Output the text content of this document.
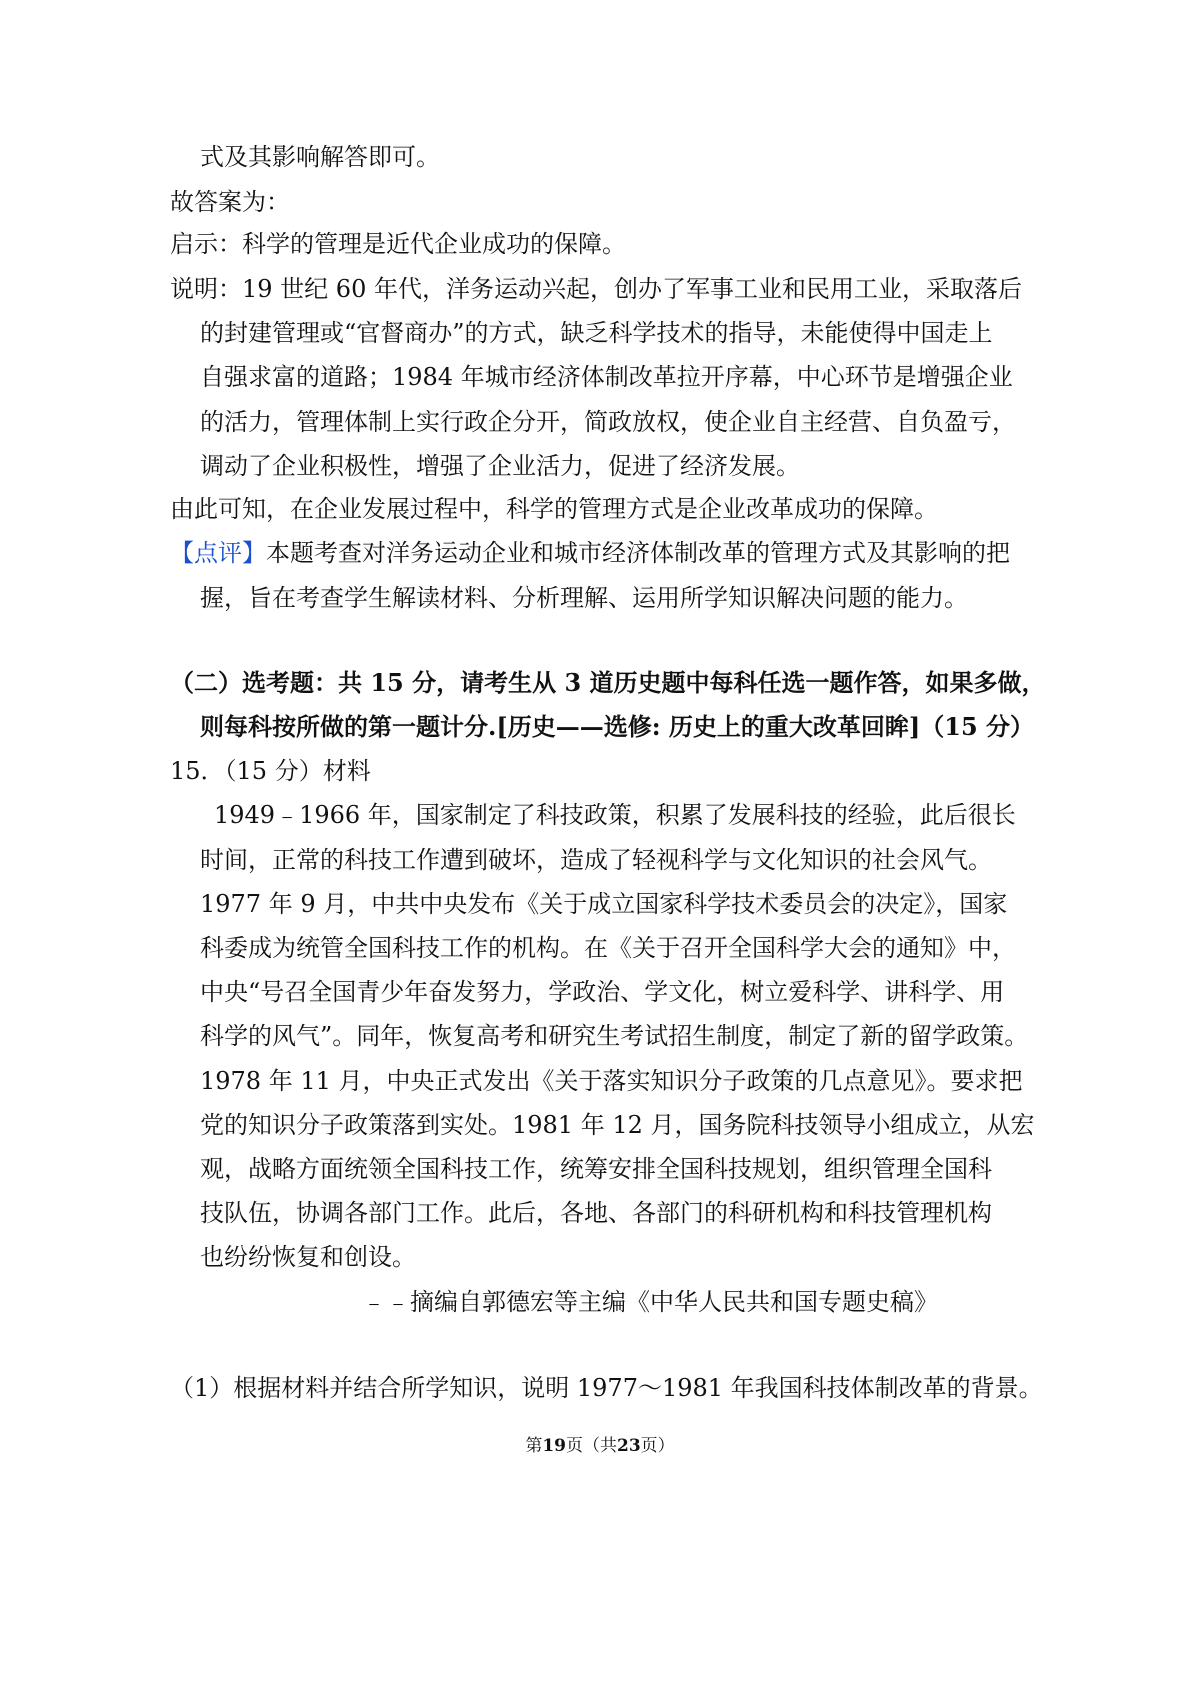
式及其影响解答即可。
故答案为：
启示：科学的管理是近代企业成功的保障。
说明：19 世纪 60 年代，洋务运动兴起，创办了军事工业和民用工业，采取落后
的封建管理或“官督商办”的方式，缺乏科学技术的指导，未能使得中国走上
自强求富的道路；1984 年城市经济体制改革拉开序幕，中心环节是增强企业
的活力，管理体制上实行政企分开，简政放权，使企业自主经营、自负盈亏，
调动了企业积极性，增强了企业活力，促进了经济发展。
由此可知，在企业发展过程中，科学的管理方式是企业改革成功的保障。
【点评】本题考查对洋务运动企业和城市经济体制改革的管理方式及其影响的把
握，旨在考查学生解读材料、分析理解、运用所学知识解决问题的能力。
（二）选考题：共 15 分，请考生从 3 道历史题中每科任选一题作答，如果多做，
则每科按所做的第一题计分.[历史——选修: 历史上的重大改革回眸]（15 分）
15．（15 分）材料
1949﹣1966 年，国家制定了科技政策，积累了发展科技的经验，此后很长
时间，正常的科技工作遭到破坏，造成了轻视科学与文化知识的社会风气。
1977 年 9 月，中共中央发布《关于成立国家科学技术委员会的决定》，国家
科委成为统管全国科技工作的机构。在《关于召开全国科学大会的通知》中，
中央“号召全国青少年奋发努力，学政治、学文化，树立爱科学、讲科学、用
科学的风气”。同年，恢复高考和研究生考试招生制度，制定了新的留学政策。
1978 年 11 月，中央正式发出《关于落实知识分子政策的几点意见》。要求把
党的知识分子政策落到实处。1981 年 12 月，国务院科技领导小组成立，从宏
观，战略方面统领全国科技工作，统筹安排全国科技规划，组织管理全国科
技队伍，协调各部门工作。此后，各地、各部门的科研机构和科技管理机构
也纷纷恢复和创设。
﹣﹣摘编自郭德宏等主编《中华人民共和国专题史稿》
（1）根据材料并结合所学知识，说明 1977～1981 年我国科技体制改革的背景。
第19页（共23页）
